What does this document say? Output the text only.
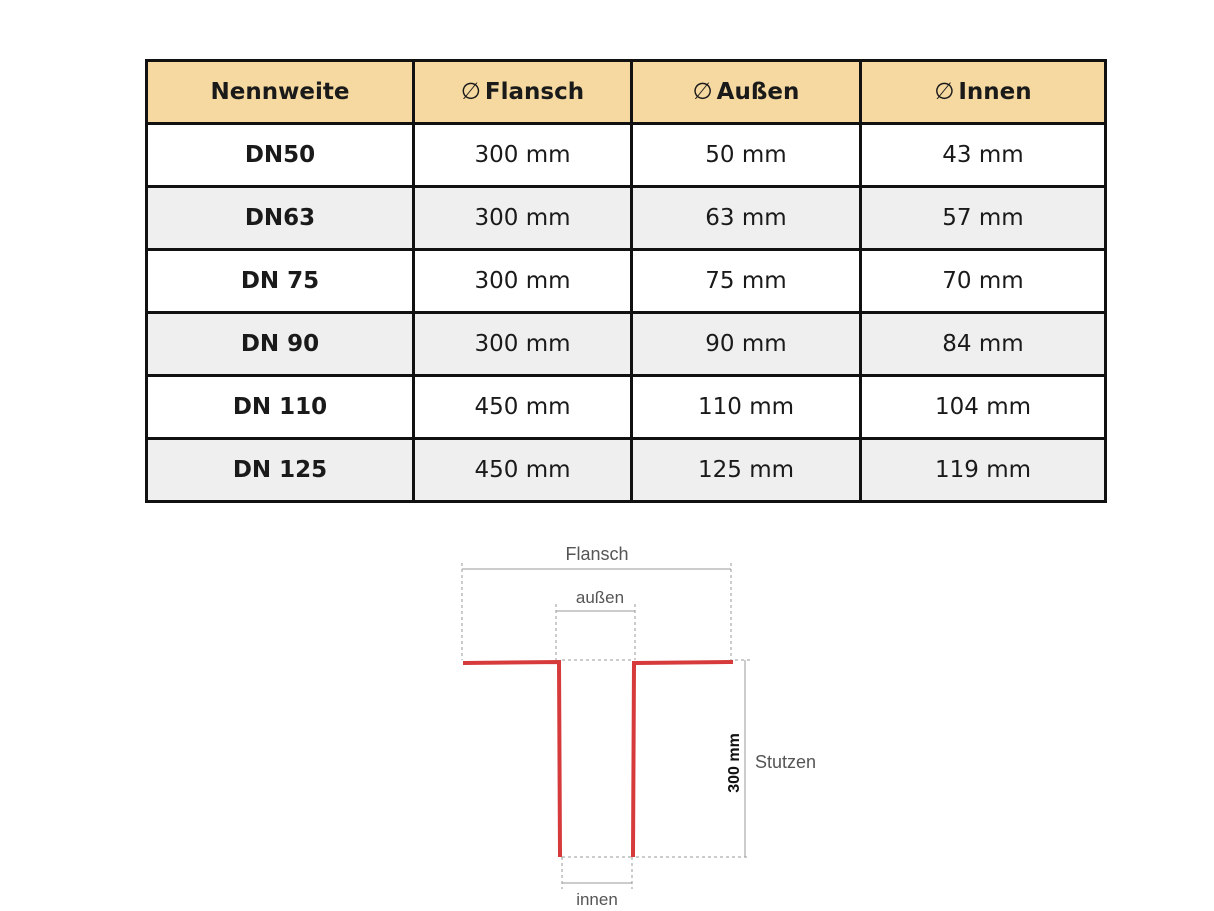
Nennweite	∅ Flansch	∅ Außen	∅ Innen
DN50	300 mm	50 mm	43 mm
DN63	300 mm	63 mm	57 mm
DN 75	300 mm	75 mm	70 mm
DN 90	300 mm	90 mm	84 mm
DN 110	450 mm	110 mm	104 mm
DN 125	450 mm	125 mm	119 mm
Flansch
außen
300 mm Stutzen
innen
